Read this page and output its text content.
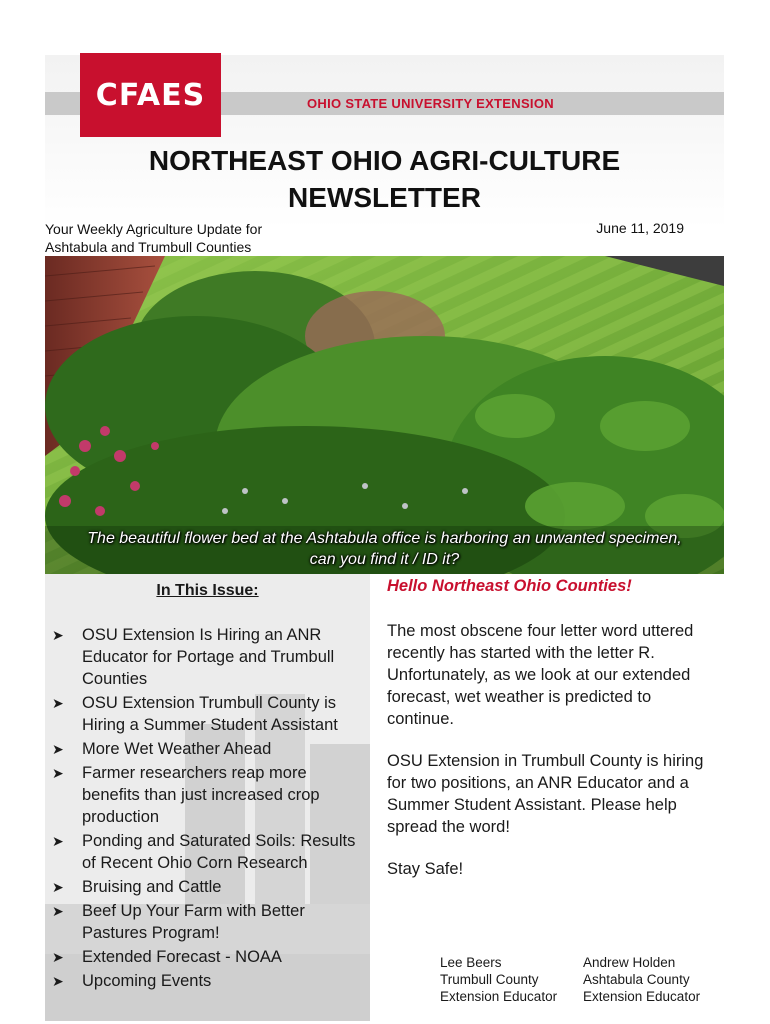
OHIO STATE UNIVERSITY EXTENSION
CFAES
NORTHEAST OHIO AGRI-CULTURE
NEWSLETTER
Your Weekly Agriculture Update for
Ashtabula and Trumbull Counties
June 11, 2019
The beautiful flower bed at the Ashtabula office is harboring an unwanted specimen,
can you find it / ID it?
In This Issue:
➤ OSU Extension Is Hiring an ANR Educator for Portage and Trumbull Counties
➤ OSU Extension Trumbull County is Hiring a Summer Student Assistant
➤ More Wet Weather Ahead
➤ Farmer researchers reap more benefits than just increased crop production
➤ Ponding and Saturated Soils: Results of Recent Ohio Corn Research
➤ Bruising and Cattle
➤ Beef Up Your Farm with Better Pastures Program!
➤ Extended Forecast - NOAA
➤ Upcoming Events
Hello Northeast Ohio Counties!

The most obscene four letter word uttered recently has started with the letter R. Unfortunately, as we look at our extended forecast, wet weather is predicted to continue.

OSU Extension in Trumbull County is hiring for two positions, an ANR Educator and a Summer Student Assistant. Please help spread the word!

Stay Safe!

Lee Beers
Trumbull County
Extension Educator
Andrew Holden
Ashtabula County
Extension Educator
